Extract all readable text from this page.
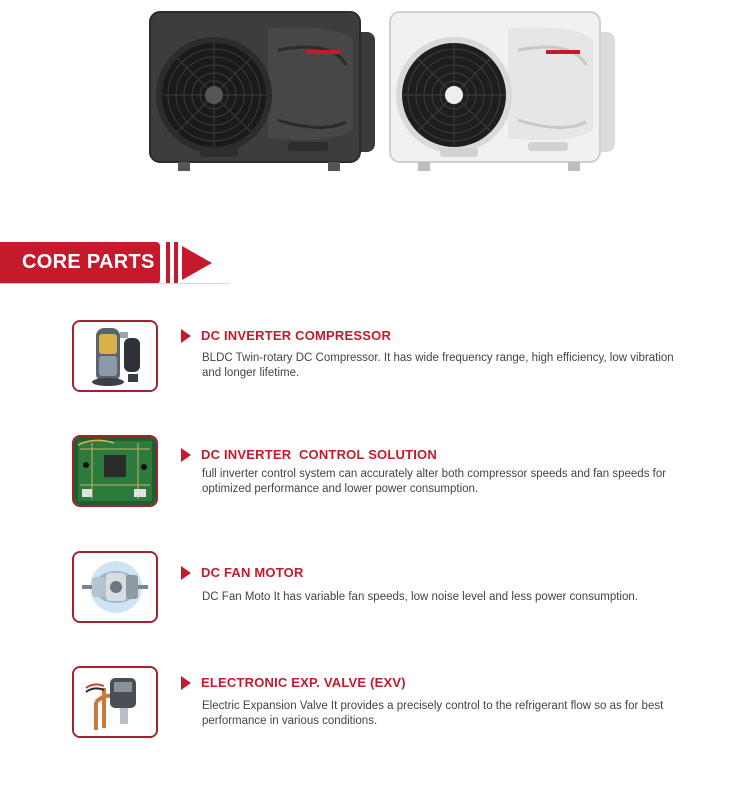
CORE PARTS
DC INVERTER COMPRESSOR
BLDC Twin-rotary DC Compressor. It has wide frequency range, high efficiency, low vibration and longer lifetime.
DC INVERTER  CONTROL SOLUTION
full inverter control system can accurately alter both compressor speeds and fan speeds for optimized performance and lower power consumption.
DC FAN MOTOR
DC Fan Moto It has variable fan speeds, low noise level and less power consumption.
ELECTRONIC EXP. VALVE (EXV)
Electric Expansion Valve It provides a precisely control to the refrigerant flow so as for best performance in various conditions.
